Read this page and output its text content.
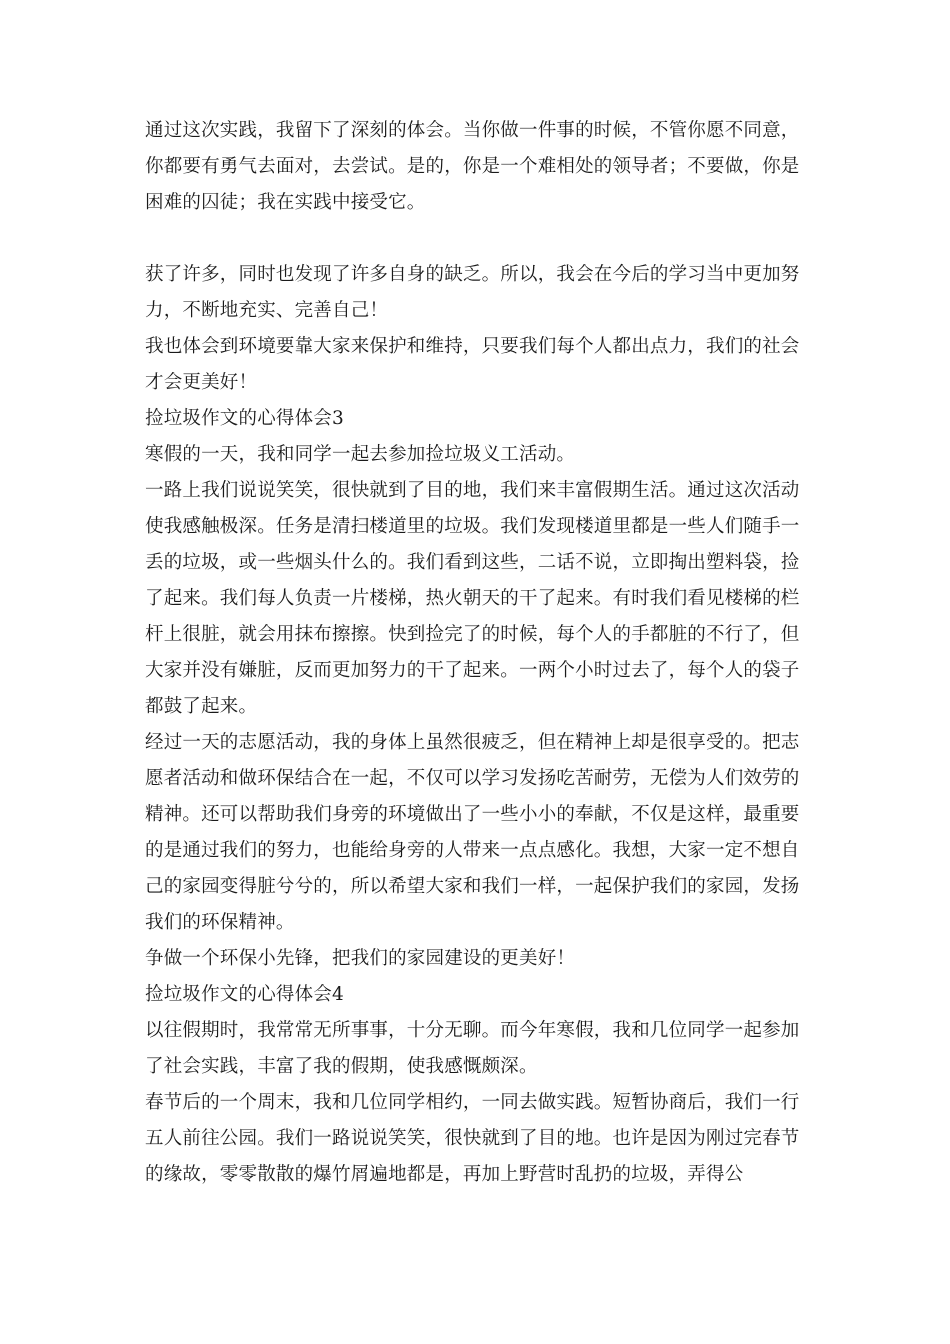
通过这次实践，我留下了深刻的体会。当你做一件事的时候，不管你愿不同意，你都要有勇气去面对，去尝试。是的，你是一个难相处的领导者；不要做，你是困难的囚徒；我在实践中接受它。

获了许多，同时也发现了许多自身的缺乏。所以，我会在今后的学习当中更加努力，不断地充实、完善自己！

我也体会到环境要靠大家来保护和维持，只要我们每个人都出点力，我们的社会才会更美好！

捡垃圾作文的心得体会3

寒假的一天，我和同学一起去参加捡垃圾义工活动。

一路上我们说说笑笑，很快就到了目的地，我们来丰富假期生活。通过这次活动使我感触极深。任务是清扫楼道里的垃圾。我们发现楼道里都是一些人们随手一丢的垃圾，或一些烟头什么的。我们看到这些，二话不说，立即掏出塑料袋，捡了起来。我们每人负责一片楼梯，热火朝天的干了起来。有时我们看见楼梯的栏杆上很脏，就会用抹布擦擦。快到捡完了的时候，每个人的手都脏的不行了，但大家并没有嫌脏，反而更加努力的干了起来。一两个小时过去了，每个人的袋子都鼓了起来。

经过一天的志愿活动，我的身体上虽然很疲乏，但在精神上却是很享受的。把志愿者活动和做环保结合在一起，不仅可以学习发扬吃苦耐劳，无偿为人们效劳的精神。还可以帮助我们身旁的环境做出了一些小小的奉献，不仅是这样，最重要的是通过我们的努力，也能给身旁的人带来一点点感化。我想，大家一定不想自己的家园变得脏兮兮的，所以希望大家和我们一样，一起保护我们的家园，发扬我们的环保精神。

争做一个环保小先锋，把我们的家园建设的更美好！

捡垃圾作文的心得体会4

以往假期时，我常常无所事事，十分无聊。而今年寒假，我和几位同学一起参加了社会实践，丰富了我的假期，使我感慨颇深。

春节后的一个周末，我和几位同学相约，一同去做实践。短暂协商后，我们一行五人前往公园。我们一路说说笑笑，很快就到了目的地。也许是因为刚过完春节的缘故，零零散散的爆竹屑遍地都是，再加上野营时乱扔的垃圾，弄得公
